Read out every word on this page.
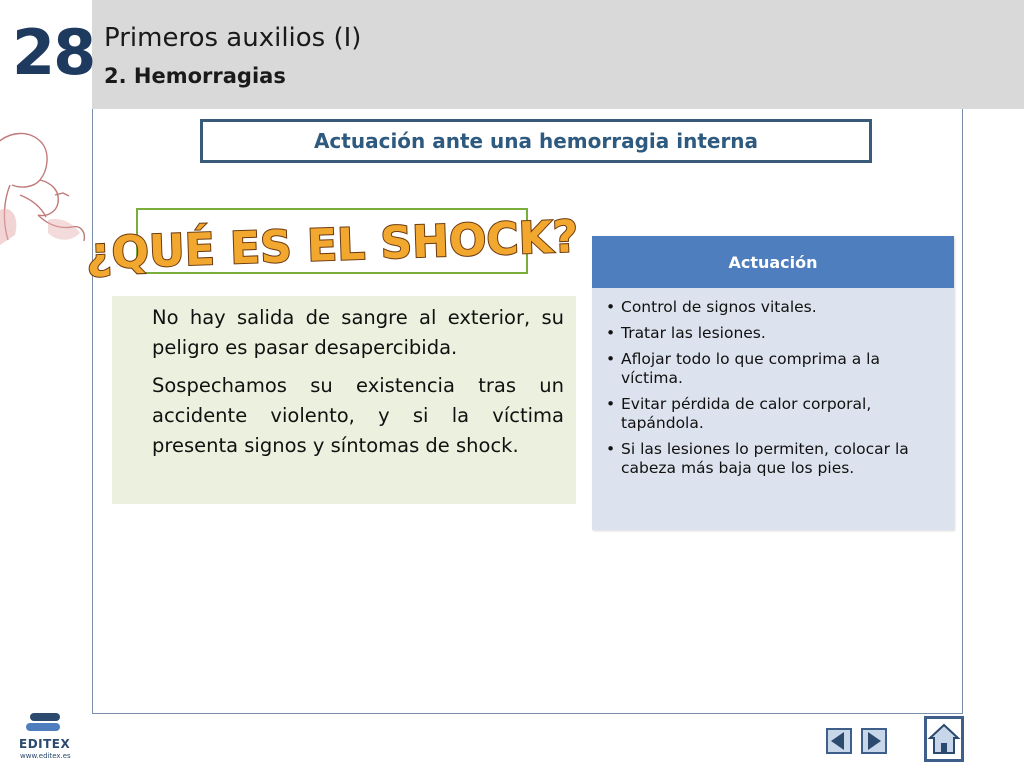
28 Primeros auxilios (I)
2. Hemorragias
Actuación ante una hemorragia interna
¿QUÉ ES EL SHOCK?

No hay salida de sangre al exterior, su peligro es pasar desapercibida.

Sospechamos su existencia tras un accidente violento, y si la víctima presenta signos y síntomas de shock.

Actuación
• Control de signos vitales.
• Tratar las lesiones.
• Aflojar todo lo que comprima a la víctima.
• Evitar pérdida de calor corporal, tapándola.
• Si las lesiones lo permiten, colocar la cabeza más baja que los pies.
EDITEX
www.editex.es
